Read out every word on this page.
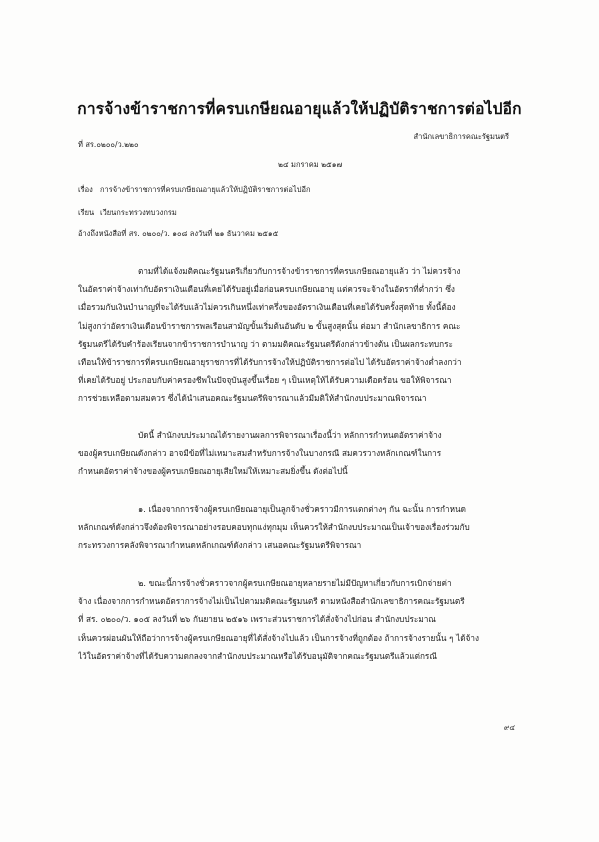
การจ้างข้าราชการที่ครบเกษียณอายุแล้วให้ปฏิบัติราชการต่อไปอีก
สำนักเลขาธิการคณะรัฐมนตรี
ที่ สร.๐๒๐๐/ว.๒๒๐
๒๔ มกราคม ๒๕๑๗
เรื่อง การจ้างข้าราชการที่ครบเกษียณอายุแล้วให้ปฏิบัติราชการต่อไปอีก
เรียน เวียนกระทรวงทบวงกรม
อ้างถึงหนังสือที่ สร. ๐๒๐๐/ว. ๑๐๘ ลงวันที่ ๒๑ ธันวาคม ๒๕๑๕
ตามที่ได้แจ้งมติคณะรัฐมนตรีเกี่ยวกับการจ้างข้าราชการที่ครบเกษียณอายุแล้ว ว่า ไม่ควรจ้าง
ในอัตราค่าจ้างเท่ากับอัตราเงินเดือนที่เคยได้รับอยู่เมื่อก่อนครบเกษียณอายุ แต่ควรจะจ้างในอัตราที่ต่ำกว่า ซึ่ง
เมื่อรวมกับเงินบำนาญที่จะได้รับแล้วไม่ควรเกินหนึ่งเท่าครึ่งของอัตราเงินเดือนที่เคยได้รับครั้งสุดท้าย ทั้งนี้ต้อง
ไม่สูงกว่าอัตราเงินเดือนข้าราชการพลเรือนสามัญขั้นเริ่มต้นอันดับ ๒ ขั้นสูงสุดนั้น ต่อมา สำนักเลขาธิการ คณะ
รัฐมนตรีได้รับคำร้องเรียนจากข้าราชการบำนาญ ว่า ตามมติคณะรัฐมนตรีดังกล่าวข้างต้น เป็นผลกระทบกระ
เทือนให้ข้าราชการที่ครบเกษียณอายุราชการที่ได้รับการจ้างให้ปฏิบัติราชการต่อไป ได้รับอัตราค่าจ้างต่ำลงกว่า
ที่เคยได้รับอยู่ ประกอบกับค่าครองชีพในปัจจุบันสูงขึ้นเรื่อย ๆ เป็นเหตุให้ได้รับความเดือดร้อน ขอให้พิจารณา
การช่วยเหลือตามสมควร ซึ่งได้นำเสนอคณะรัฐมนตรีพิจารณาแล้วมีมติให้สำนักงบประมาณพิจารณา
บัดนี้ สำนักงบประมาณได้รายงานผลการพิจารณาเรื่องนี้ว่า หลักการกำหนดอัตราค่าจ้าง
ของผู้ครบเกษียณดังกล่าว อาจมีข้อที่ไม่เหมาะสมสำหรับการจ้างในบางกรณี สมควรวางหลักเกณฑ์ในการ
กำหนดอัตราค่าจ้างของผู้ครบเกษียณอายุเสียใหม่ให้เหมาะสมยิ่งขึ้น ดังต่อไปนี้
๑. เนื่องจากการจ้างผู้ครบเกษียณอายุเป็นลูกจ้างชั่วคราวมีการแตกต่างๆ กัน ฉะนั้น การกำหนด
หลักเกณฑ์ดังกล่าวจึงต้องพิจารณาอย่างรอบคอบทุกแง่ทุกมุม เห็นควรให้สำนักงบประมาณเป็นเจ้าของเรื่องร่วมกับ
กระทรวงการคลังพิจารณากำหนดหลักเกณฑ์ดังกล่าว เสนอคณะรัฐมนตรีพิจารณา
๒. ขณะนี้การจ้างชั่วคราวจากผู้ครบเกษียณอายุหลายรายไม่มีปัญหาเกี่ยวกับการเบิกจ่ายค่า
จ้าง เนื่องจากการกำหนดอัตราการจ้างไม่เป็นไปตามมติคณะรัฐมนตรี ตามหนังสือสำนักเลขาธิการคณะรัฐมนตรี
ที่ สร. ๐๒๐๐/ว. ๑๐๕ ลงวันที่ ๒๖ กันยายน ๒๕๑๖ เพราะส่วนราชการได้สั่งจ้างไปก่อน สำนักงบประมาณ
เห็นควรผ่อนผันให้ถือว่าการจ้างผู้ครบเกษียณอายุที่ได้สั่งจ้างไปแล้ว เป็นการจ้างที่ถูกต้อง ถ้าการจ้างรายนั้น ๆ ได้จ้าง
ไว้ในอัตราค่าจ้างที่ได้รับความตกลงจากสำนักงบประมาณหรือได้รับอนุมัติจากคณะรัฐมนตรีแล้วแต่กรณี
๙๔
